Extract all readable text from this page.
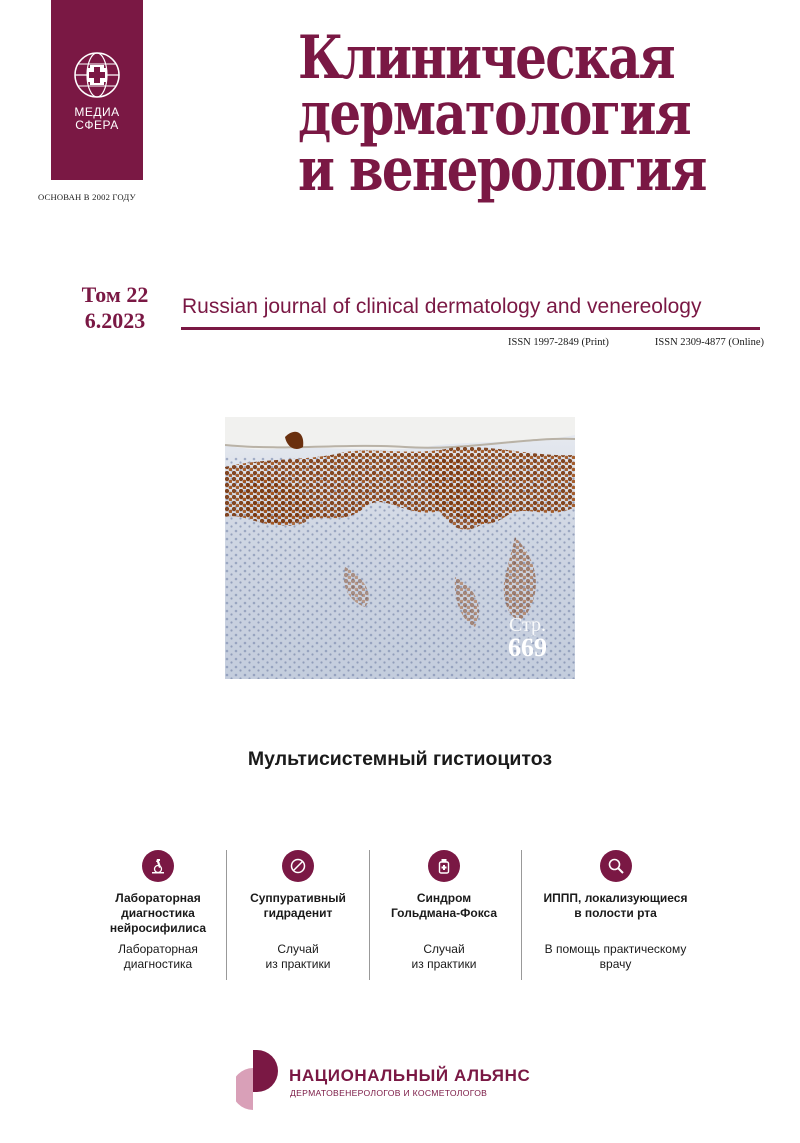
МЕДИА
СФЕРА
ОСНОВАН В 2002 ГОДУ
Клиническая
дерматология
и венерология
Том 22
6.2023
Russian journal of clinical dermatology and venereology
ISSN 1997-2849 (Print)	ISSN 2309-4877 (Online)
Стр.
669
Мультисистемный гистиоцитоз
Лабораторная
диагностика
нейросифилиса
Лабораторная
диагностика
Суппуративный
гидраденит
Случай
из практики
Синдром
Гольдмана-Фокса
Случай
из практики
ИППП, локализующиеся
в полости рта
В помощь практическому
врачу
НАЦИОНАЛЬНЫЙ АЛЬЯНС
ДЕРМАТОВЕНЕРОЛОГОВ И КОСМЕТОЛОГОВ
